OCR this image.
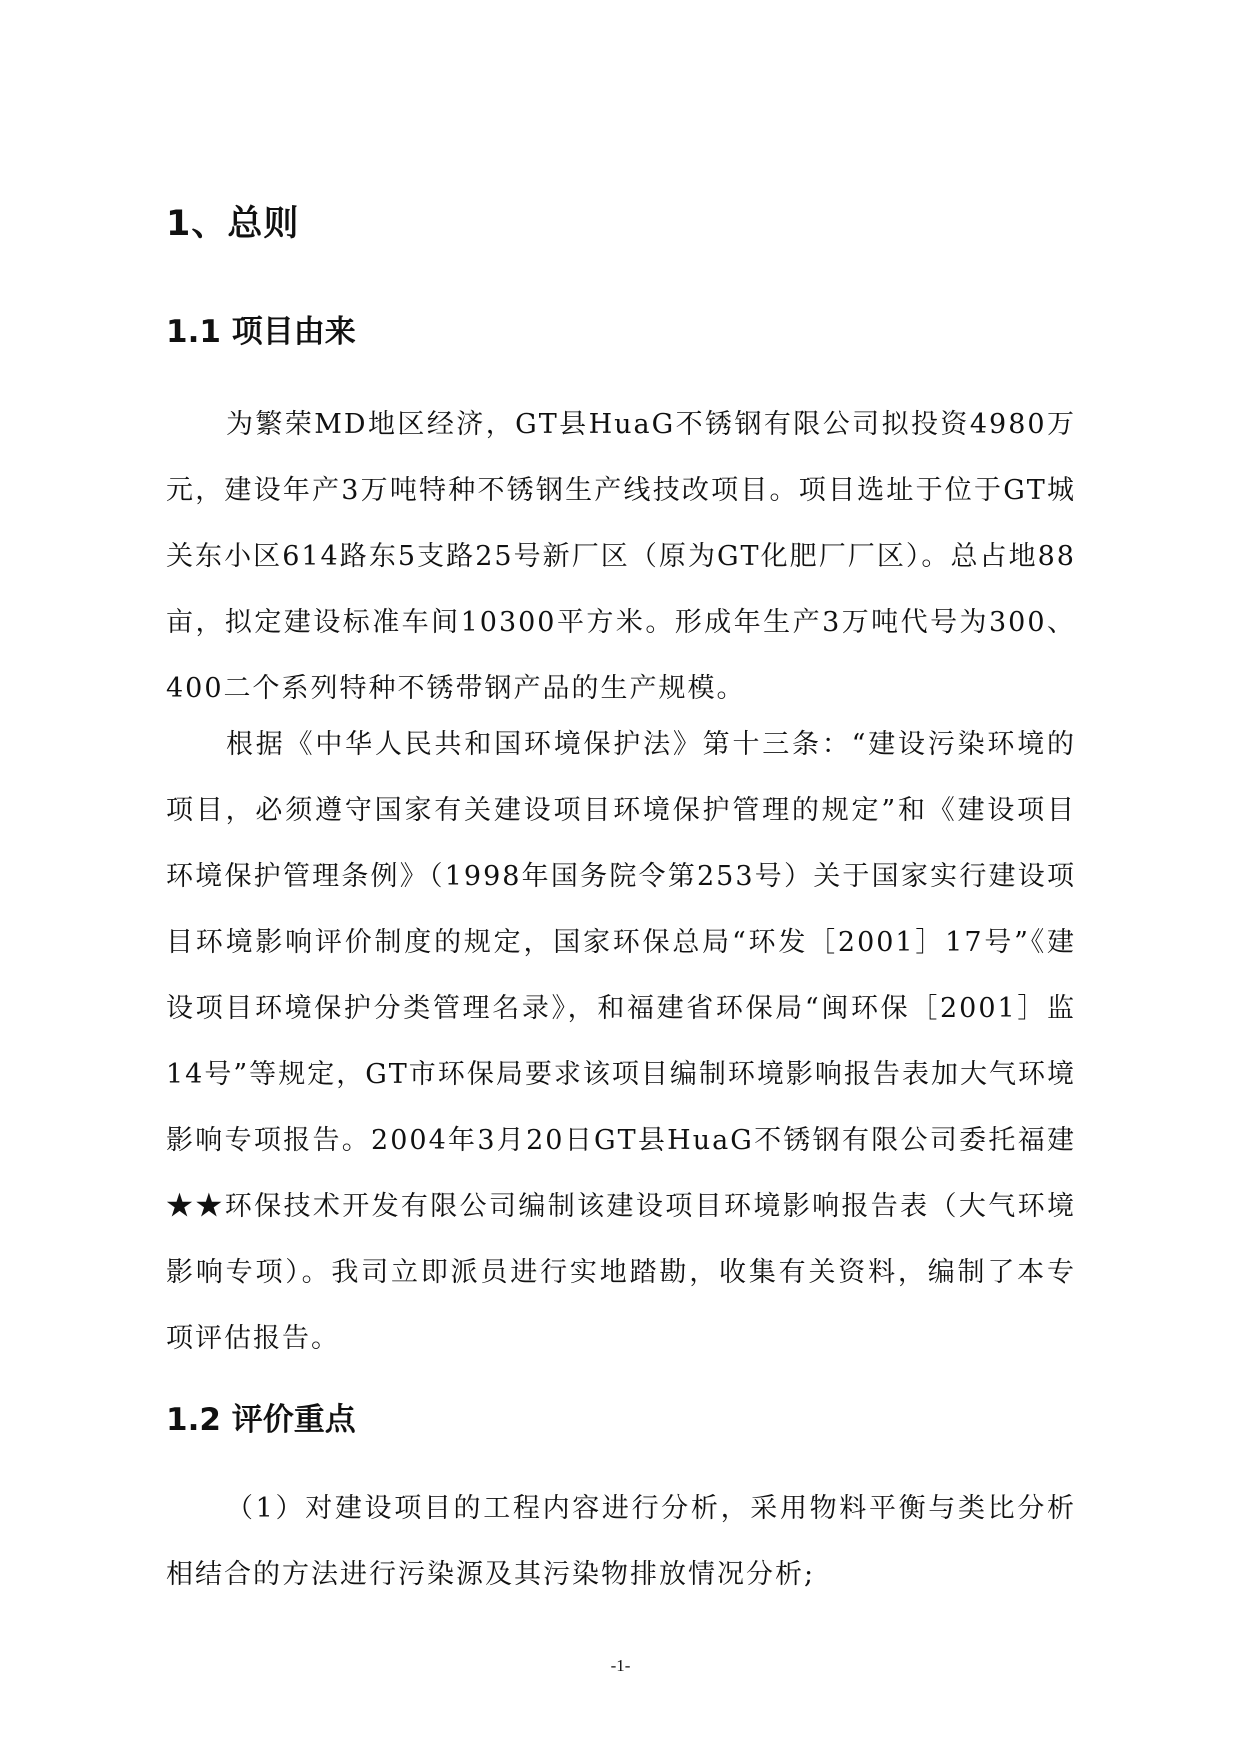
1、总则
1.1 项目由来

为繁荣MD地区经济，GT县HuaG不锈钢有限公司拟投资4980万元，建设年产3万吨特种不锈钢生产线技改项目。项目选址于位于GT城关东小区614路东5支路25号新厂区（原为GT化肥厂厂区）。总占地88亩，拟定建设标准车间10300平方米。形成年生产3万吨代号为300、400二个系列特种不锈带钢产品的生产规模。

根据《中华人民共和国环境保护法》第十三条：“建设污染环境的项目，必须遵守国家有关建设项目环境保护管理的规定”和《建设项目环境保护管理条例》（1998年国务院令第253号）关于国家实行建设项目环境影响评价制度的规定，国家环保总局“环发［2001］17号”《建设项目环境保护分类管理名录》，和福建省环保局“闽环保［2001］监14号”等规定，GT市环保局要求该项目编制环境影响报告表加大气环境影响专项报告。2004年3月20日GT县HuaG不锈钢有限公司委托福建★★环保技术开发有限公司编制该建设项目环境影响报告表（大气环境影响专项）。我司立即派员进行实地踏勘，收集有关资料，编制了本专项评估报告。

1.2 评价重点

（1）对建设项目的工程内容进行分析，采用物料平衡与类比分析相结合的方法进行污染源及其污染物排放情况分析;

-1-
